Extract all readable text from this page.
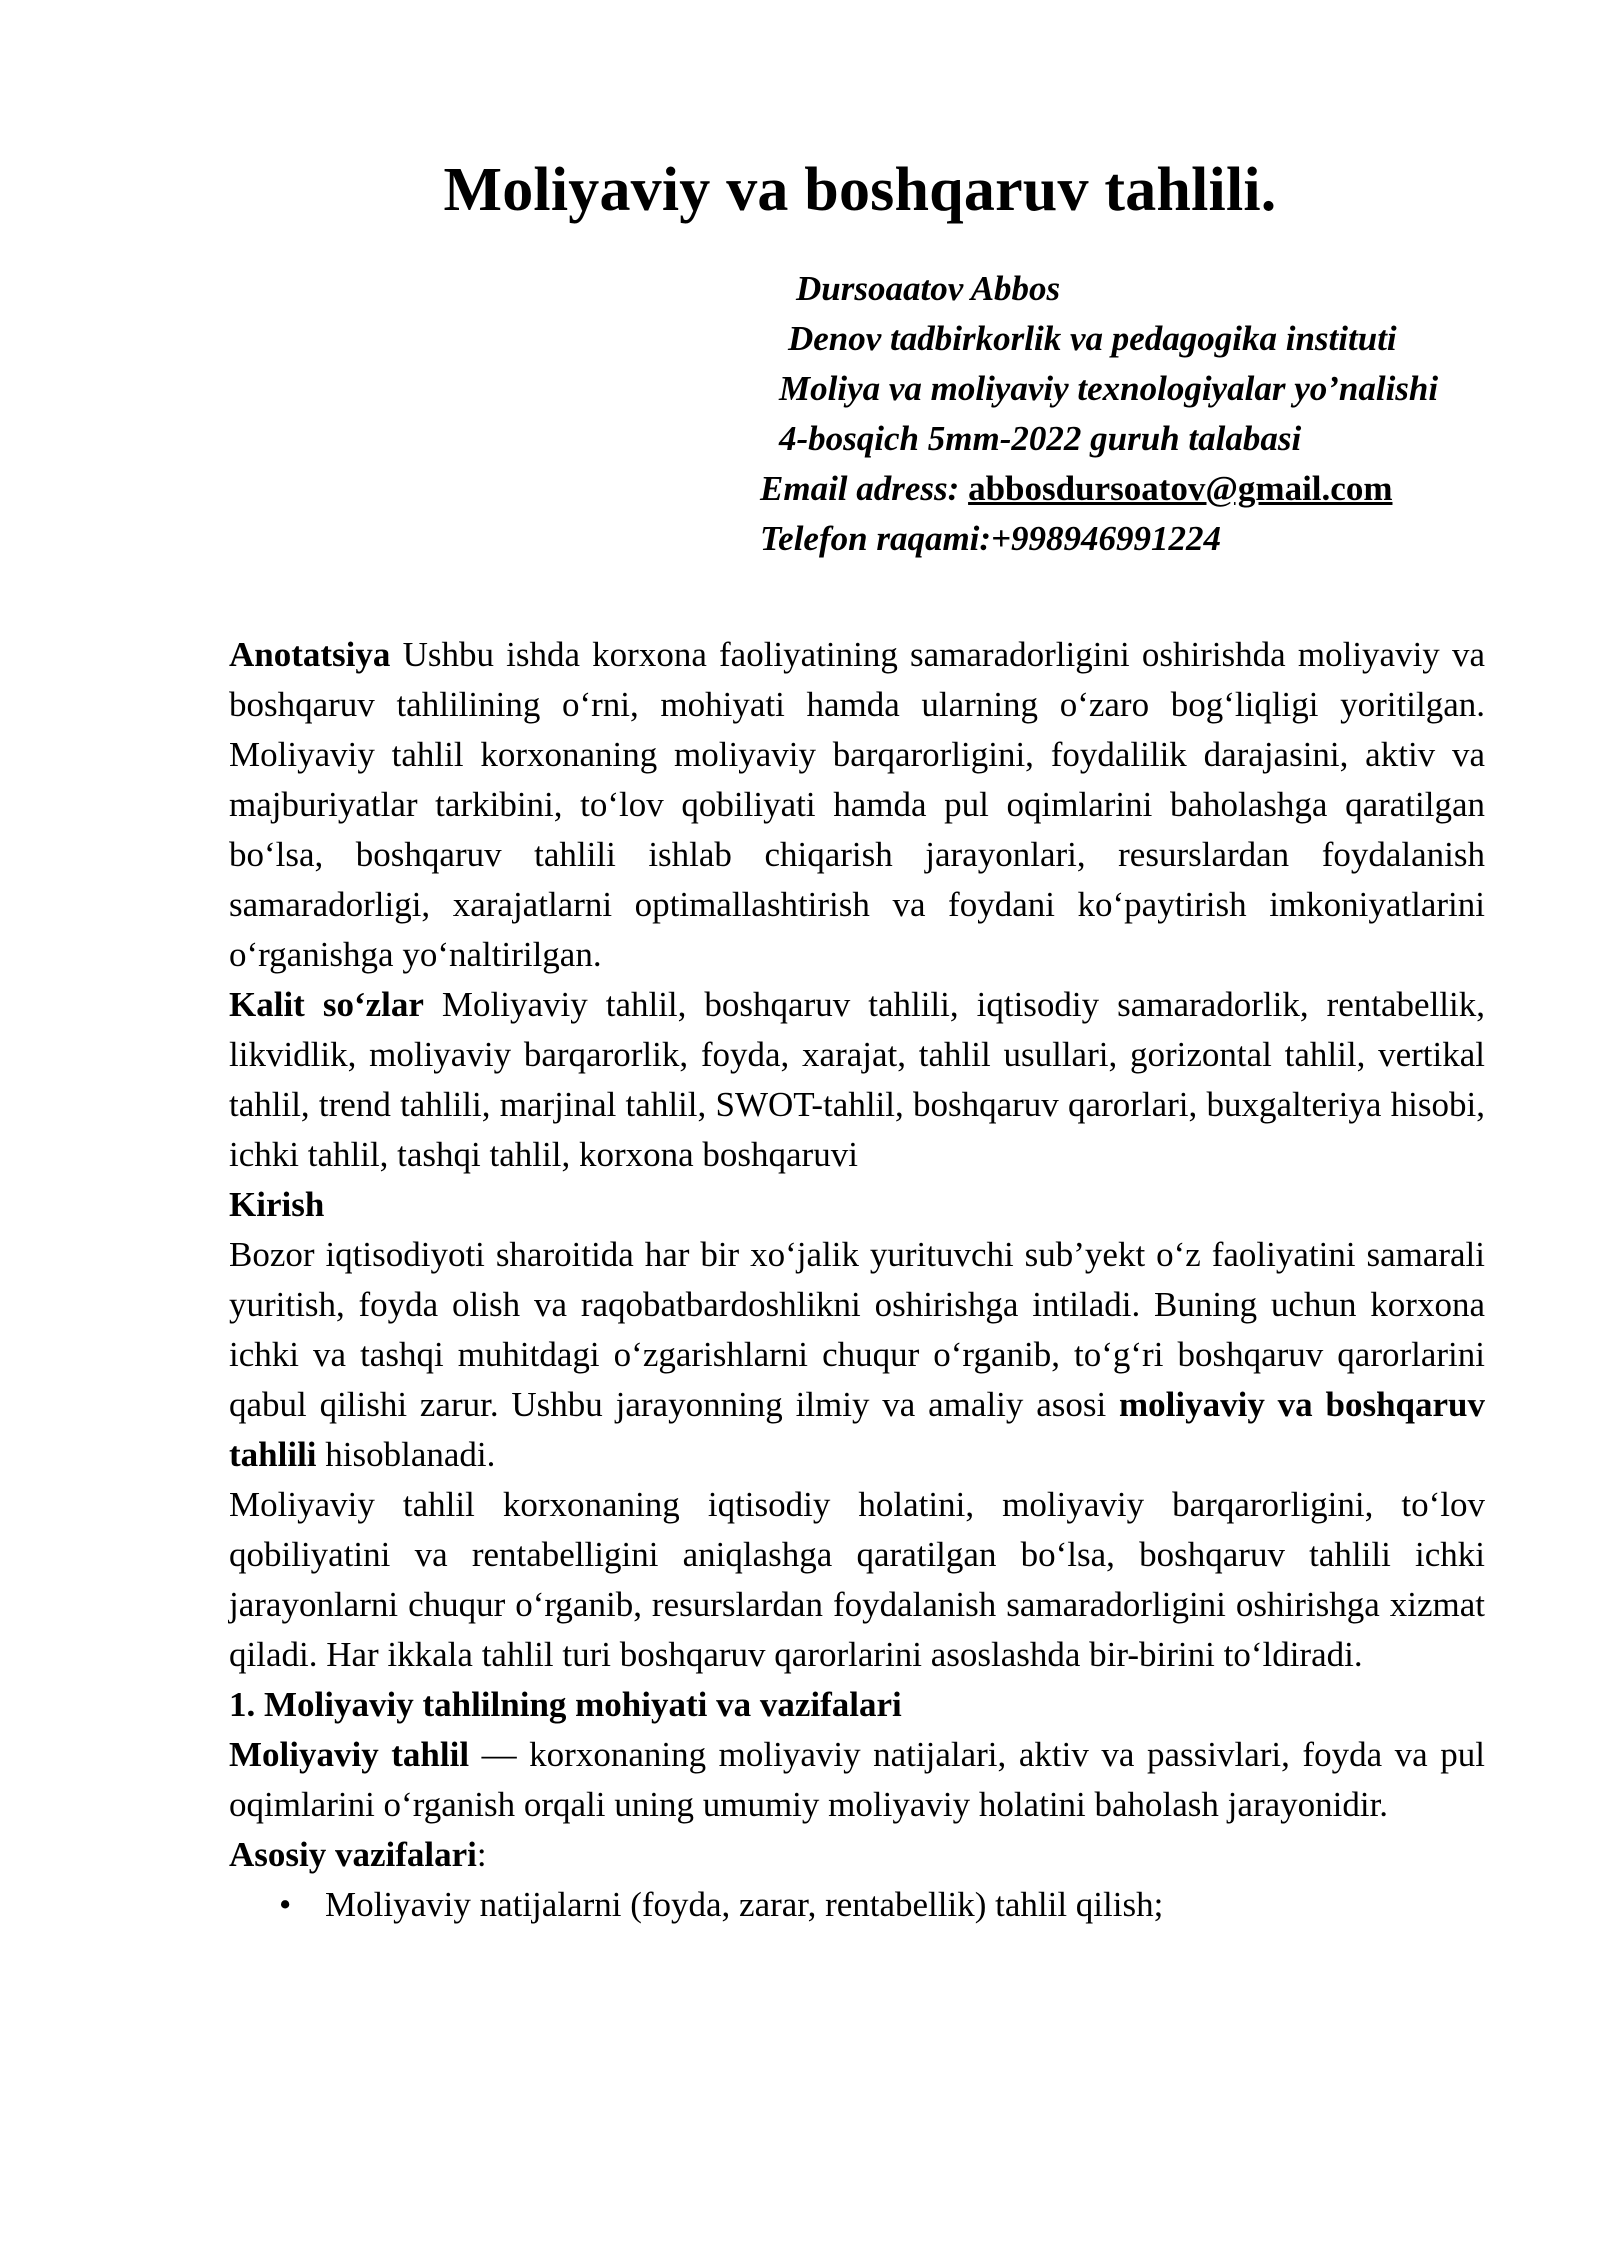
Moliyaviy va boshqaruv tahlili.
Dursoaatov Abbos
Denov tadbirkorlik va pedagogika instituti
Moliya va moliyaviy texnologiyalar yo’nalishi
4-bosqich 5mm-2022 guruh talabasi
Email adress: abbosdursoatov@gmail.com
Telefon raqami:+998946991224

Anotatsiya Ushbu ishda korxona faoliyatining samaradorligini oshirishda moliyaviy va boshqaruv tahlilining o‘rni, mohiyati hamda ularning o‘zaro bog‘liqligi yoritilgan. Moliyaviy tahlil korxonaning moliyaviy barqarorligini, foydalilik darajasini, aktiv va majburiyatlar tarkibini, to‘lov qobiliyati hamda pul oqimlarini baholashga qaratilgan bo‘lsa, boshqaruv tahlili ishlab chiqarish jarayonlari, resurslardan foydalanish samaradorligi, xarajatlarni optimallashtirish va foydani ko‘paytirish imkoniyatlarini o‘rganishga yo‘naltirilgan.

Kalit so‘zlar Moliyaviy tahlil, boshqaruv tahlili, iqtisodiy samaradorlik, rentabellik, likvidlik, moliyaviy barqarorlik, foyda, xarajat, tahlil usullari, gorizontal tahlil, vertikal tahlil, trend tahlili, marjinal tahlil, SWOT-tahlil, boshqaruv qarorlari, buxgalteriya hisobi, ichki tahlil, tashqi tahlil, korxona boshqaruvi

Kirish

Bozor iqtisodiyoti sharoitida har bir xo‘jalik yurituvchi sub’yekt o‘z faoliyatini samarali yuritish, foyda olish va raqobatbardoshlikni oshirishga intiladi. Buning uchun korxona ichki va tashqi muhitdagi o‘zgarishlarni chuqur o‘rganib, to‘g‘ri boshqaruv qarorlarini qabul qilishi zarur. Ushbu jarayonning ilmiy va amaliy asosi moliyaviy va boshqaruv tahlili hisoblanadi.

Moliyaviy tahlil korxonaning iqtisodiy holatini, moliyaviy barqarorligini, to‘lov qobiliyatini va rentabelligini aniqlashga qaratilgan bo‘lsa, boshqaruv tahlili ichki jarayonlarni chuqur o‘rganib, resurslardan foydalanish samaradorligini oshirishga xizmat qiladi. Har ikkala tahlil turi boshqaruv qarorlarini asoslashda bir-birini to‘ldiradi.

1. Moliyaviy tahlilning mohiyati va vazifalari

Moliyaviy tahlil — korxonaning moliyaviy natijalari, aktiv va passivlari, foyda va pul oqimlarini o‘rganish orqali uning umumiy moliyaviy holatini baholash jarayonidir.

Asosiy vazifalari:

• Moliyaviy natijalarni (foyda, zarar, rentabellik) tahlil qilish;
